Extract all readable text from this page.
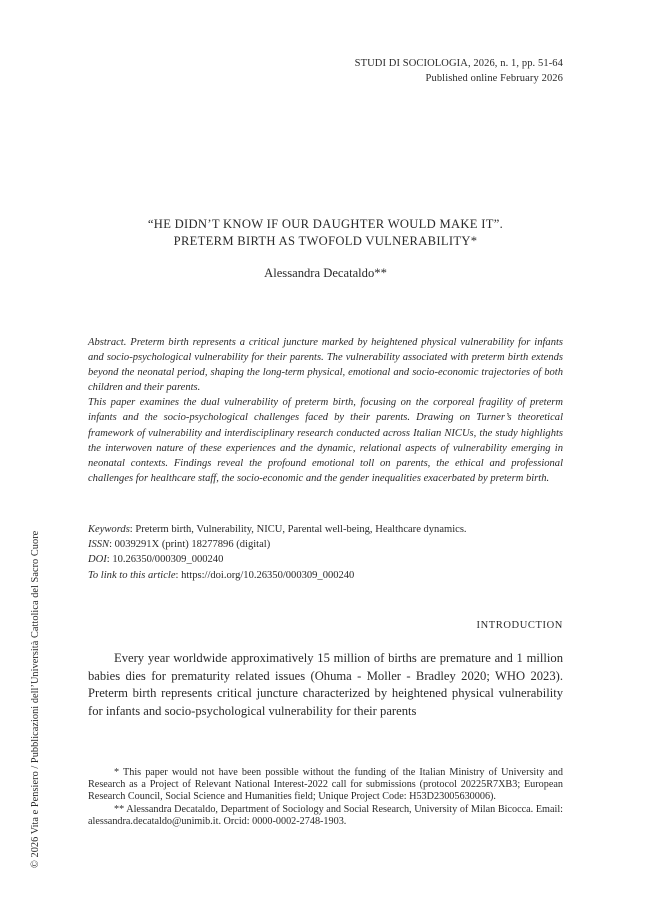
© 2026 Vita e Pensiero / Pubblicazioni dell’Università Cattolica del Sacro Cuore
STUDI DI SOCIOLOGIA, 2026, n. 1, pp. 51-64
Published online February 2026
“HE DIDN’T KNOW IF OUR DAUGHTER WOULD MAKE IT”.
PRETERM BIRTH AS TWOFOLD VULNERABILITY*
Alessandra Decataldo**

Abstract. Preterm birth represents a critical juncture marked by heightened physical vulnerability for infants and socio-psychological vulnerability for their parents. The vulnerability associated with preterm birth extends beyond the neonatal period, shaping the long-term physical, emotional and socio-economic trajectories of both children and their parents.

This paper examines the dual vulnerability of preterm birth, focusing on the corporeal fragility of preterm infants and the socio-psychological challenges faced by their parents. Drawing on Turner’s theoretical framework of vulnerability and interdisciplinary research conducted across Italian NICUs, the study highlights the interwoven nature of these experiences and the dynamic, relational aspects of vulnerability emerging in neonatal contexts. Findings reveal the profound emotional toll on parents, the ethical and professional challenges for healthcare staff, the socio-economic and the gender inequalities exacerbated by preterm birth.

Keywords: Preterm birth, Vulnerability, NICU, Parental well-being, Healthcare dynamics.
ISSN: 0039291X (print) 18277896 (digital)
DOI: 10.26350/000309_000240
To link to this article: https://doi.org/10.26350/000309_000240
INTRODUCTION

Every year worldwide approximatively 15 million of births are premature and 1 million babies dies for prematurity related issues (Ohuma - Moller - Bradley 2020; WHO 2023). Preterm birth represents critical juncture characterized by heightened physical vulnerability for infants and socio-psychological vulnerability for their parents

* This paper would not have been possible without the funding of the Italian Ministry of University and Research as a Project of Relevant National Interest-2022 call for submissions (protocol 20225R7XB3; European Research Council, Social Science and Humanities field; Unique Project Code: H53D23005630006).

** Alessandra Decataldo, Department of Sociology and Social Research, University of Milan Bicocca. Email: alessandra.decataldo@unimib.it. Orcid: 0000-0002-2748-1903.
